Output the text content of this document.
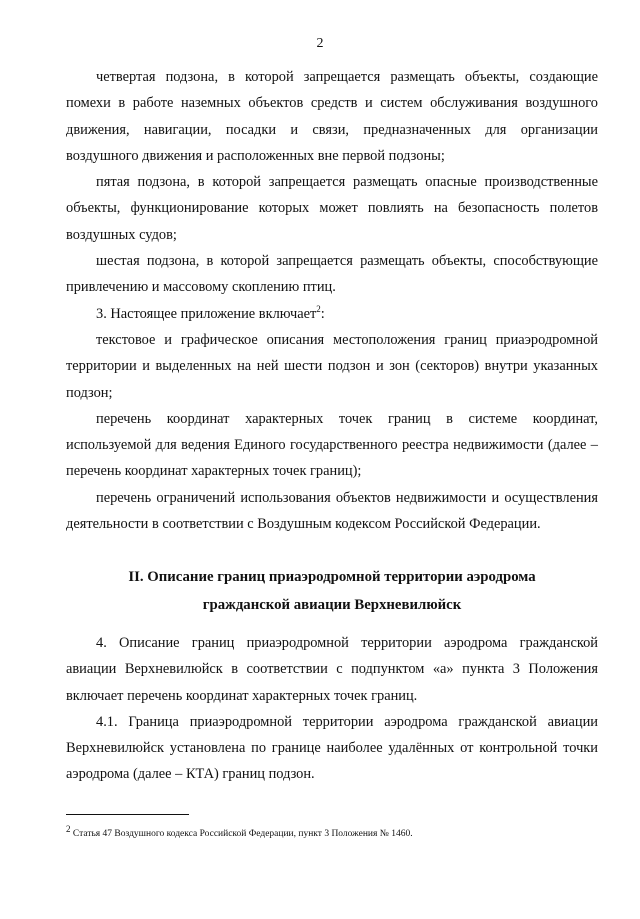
2

четвертая подзона, в которой запрещается размещать объекты, создающие помехи в работе наземных объектов средств и систем обслуживания воздушного движения, навигации, посадки и связи, предназначенных для организации воздушного движения и расположенных вне первой подзоны;

пятая подзона, в которой запрещается размещать опасные производственные объекты, функционирование которых может повлиять на безопасность полетов воздушных судов;

шестая подзона, в которой запрещается размещать объекты, способствующие привлечению и массовому скоплению птиц.

3. Настоящее приложение включает$^2$:

текстовое и графическое описания местоположения границ приаэродромной территории и выделенных на ней шести подзон и зон (секторов) внутри указанных подзон;

перечень координат характерных точек границ в системе координат, используемой для ведения Единого государственного реестра недвижимости (далее – перечень координат характерных точек границ);

перечень ограничений использования объектов недвижимости и осуществления деятельности в соответствии с Воздушным кодексом Российской Федерации.

II. Описание границ приаэродромной территории аэродрома
гражданской авиации Верхневилюйск

4. Описание границ приаэродромной территории аэродрома гражданской авиации Верхневилюйск в соответствии с подпунктом «а» пункта 3 Положения включает перечень координат характерных точек границ.

4.1. Граница приаэродромной территории аэродрома гражданской авиации Верхневилюйск установлена по границе наиболее удалённых от контрольной точки аэродрома (далее – КТА) границ подзон.

$^2$ Статья 47 Воздушного кодекса Российской Федерации, пункт 3 Положения № 1460.
